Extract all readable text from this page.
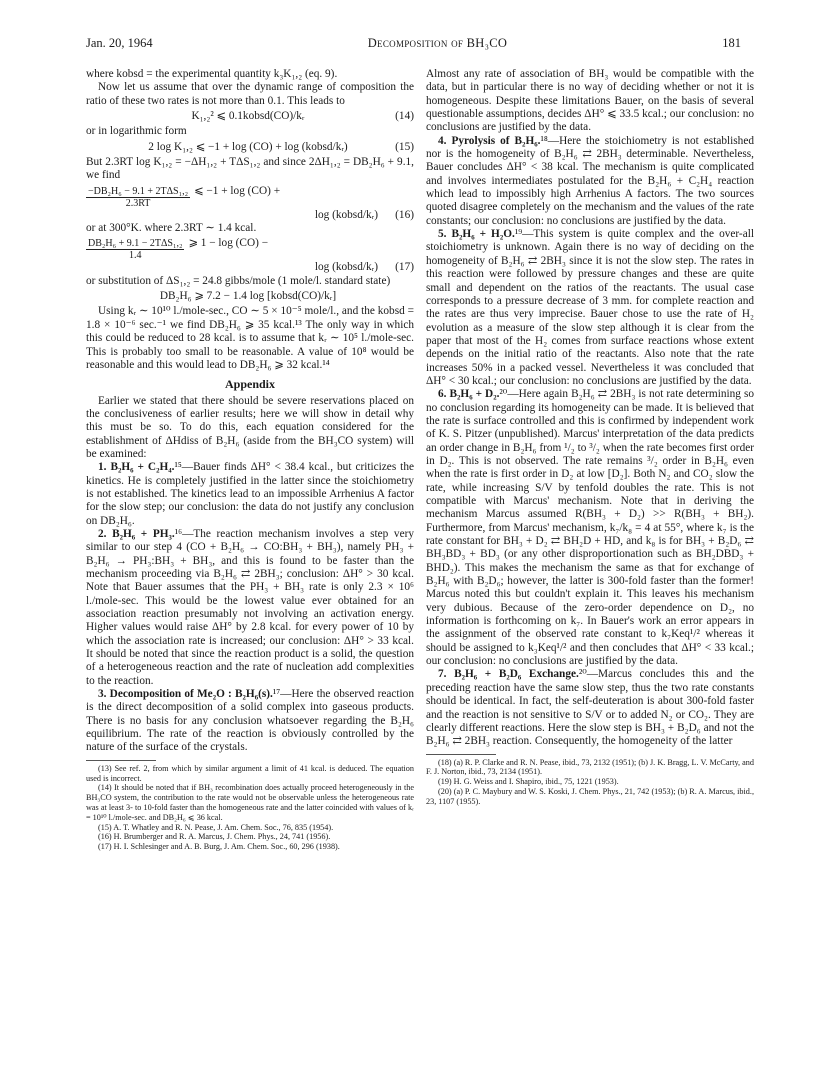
Jan. 20, 1964	Decomposition of BH₃CO	181

where kobsd = the experimental quantity k₃K₁,₂ (eq. 9).

Now let us assume that over the dynamic range of composition the ratio of these two rates is not more than 0.1. This leads to

K₁,₂² ⩽ 0.1kobsd(CO)/kᵣ	(14)

or in logarithmic form

2 log K₁,₂ ⩽ −1 + log (CO) + log (kobsd/kᵣ)	(15)

But 2.3RT log K₁,₂ = −ΔH₁,₂ + TΔS₁,₂ and since 2ΔH₁,₂ = DB₂H₆ + 9.1, we find

$\frac{\text{−DB₂H₆ − 9.1 + 2TΔS₁,₂}}{2.3RT}$ ⩽ −1 + log (CO) +
log (kobsd/kᵣ)	(16)

or at 300°K. where 2.3RT ∼ 1.4 kcal.

$\frac{\text{DB₂H₆ + 9.1 − 2TΔS₁,₂}}{1.4}$ ⩾ 1 − log (CO) −
log (kobsd/kᵣ)	(17)

or substitution of ΔS₁,₂ = 24.8 gibbs/mole (1 mole/l. standard state)

DB₂H₆ ⩾ 7.2 − 1.4 log [kobsd(CO)/kᵣ]

Using kᵣ ∼ 10¹⁰ l./mole-sec., CO ∼ 5 × 10⁻⁵ mole/l., and the kobsd = 1.8 × 10⁻⁶ sec.⁻¹ we find DB₂H₆ ⩾ 35 kcal.¹³ The only way in which this could be reduced to 28 kcal. is to assume that kᵣ ∼ 10⁵ l./mole-sec. This is probably too small to be reasonable. A value of 10⁸ would be reasonable and this would lead to DB₂H₆ ⩾ 32 kcal.¹⁴

Appendix

Earlier we stated that there should be severe reservations placed on the conclusiveness of earlier results; here we will show in detail why this must be so. To do this, each equation considered for the establishment of ΔHdiss of B₂H₆ (aside from the BH₃CO system) will be examined:

1. B₂H₆ + C₂H₄.¹⁵—Bauer finds ΔH° < 38.4 kcal., but criticizes the kinetics. He is completely justified in the latter since the stoichiometry is not established. The kinetics lead to an impossible Arrhenius A factor for the slow step; our conclusion: the data do not justify any conclusion on DB₂H₆.

2. B₂H₆ + PH₃.¹⁶—The reaction mechanism involves a step very similar to our step 4 (CO + B₂H₆ → CO:BH₃ + BH₃), namely PH₃ + B₂H₆ → PH₃:BH₃ + BH₃, and this is found to be faster than the mechanism proceeding via B₂H₆ ⇄ 2BH₃; conclusion: ΔH° > 30 kcal. Note that Bauer assumes that the PH₃ + BH₃ rate is only 2.3 × 10⁶ l./mole-sec. This would be the lowest value ever obtained for an association reaction presumably not involving an activation energy. Higher values would raise ΔH° by 2.8 kcal. for every power of 10 by which the association rate is increased; our conclusion: ΔH° > 33 kcal. It should be noted that since the reaction product is a solid, the question of a heterogeneous reaction and the rate of nucleation add complexities to the reaction.

3. Decomposition of Me₂O : B₂H₆(s).¹⁷—Here the observed reaction is the direct decomposition of a solid complex into gaseous products. There is no basis for any conclusion whatsoever regarding the B₂H₆ equilibrium. The rate of the reaction is obviously controlled by the nature of the surface of the crystals.

(13) See ref. 2, from which by similar argument a limit of 41 kcal. is deduced. The equation used is incorrect.

(14) It should be noted that if BH₃ recombination does actually proceed heterogeneously in the BH₃CO system, the contribution to the rate would not be observable unless the heterogeneous rate was at least 3- to 10-fold faster than the homogeneous rate and the latter coincided with values of kᵣ = 10¹⁰ l./mole-sec. and DB₂H₆ ⩽ 36 kcal.

(15) A. T. Whatley and R. N. Pease, J. Am. Chem. Soc., 76, 835 (1954).

(16) H. Brumberger and R. A. Marcus, J. Chem. Phys., 24, 741 (1956).

(17) H. I. Schlesinger and A. B. Burg, J. Am. Chem. Soc., 60, 296 (1938).

Almost any rate of association of BH₃ would be compatible with the data, but in particular there is no way of deciding whether or not it is homogeneous. Despite these limitations Bauer, on the basis of several questionable assumptions, decides ΔH° ⩽ 33.5 kcal.; our conclusion: no conclusions are justified by the data.

4. Pyrolysis of B₂H₆.¹⁸—Here the stoichiometry is not established nor is the homogeneity of B₂H₆ ⇄ 2BH₃ determinable. Nevertheless, Bauer concludes ΔH° < 38 kcal. The mechanism is quite complicated and involves intermediates postulated for the B₂H₆ + C₂H₄ reaction which lead to impossibly high Arrhenius A factors. The two sources quoted disagree completely on the mechanism and the values of the rate constants; our conclusion: no conclusions are justified by the data.

5. B₂H₆ + H₂O.¹⁹—This system is quite complex and the over-all stoichiometry is unknown. Again there is no way of deciding on the homogeneity of B₂H₆ ⇄ 2BH₃ since it is not the slow step. The rates in this reaction were followed by pressure changes and these are quite small and dependent on the ratios of the reactants. The usual case corresponds to a pressure decrease of 3 mm. for complete reaction and the rates are thus very imprecise. Bauer chose to use the rate of H₂ evolution as a measure of the slow step although it is clear from the paper that most of the H₂ comes from surface reactions whose extent depends on the initial ratio of the reactants. Also note that the rate increases 50% in a packed vessel. Nevertheless it was concluded that ΔH° < 30 kcal.; our conclusion: no conclusions are justified by the data.

6. B₂H₆ + D₂.²⁰—Here again B₂H₆ ⇄ 2BH₃ is not rate determining so no conclusion regarding its homogeneity can be made. It is believed that the rate is surface controlled and this is confirmed by independent work of K. S. Pitzer (unpublished). Marcus' interpretation of the data predicts an order change in B₂H₆ from ¹/₂ to ³/₂ when the rate becomes first order in D₂. This is not observed. The rate remains ³/₂ order in B₂H₆ even when the rate is first order in D₂ at low [D₂]. Both N₂ and CO₂ slow the rate, while increasing S/V by tenfold doubles the rate. This is not compatible with Marcus' mechanism. Note that in deriving the mechanism Marcus assumed R(BH₃ + D₂) >> R(BH₃ + BH₂). Furthermore, from Marcus' mechanism, k₇/k₈ = 4 at 55°, where k₇ is the rate constant for BH₃ + D₂ ⇄ BH₂D + HD, and k₈ is for BH₃ + B₂D₆ ⇄ BH₃BD₃ + BD₃ (or any other disproportionation such as BH₂DBD₃ + BHD₂). This makes the mechanism the same as that for exchange of B₂H₆ with B₂D₆; however, the latter is 300-fold faster than the former! Marcus noted this but couldn't explain it. This leaves his mechanism very dubious. Because of the zero-order dependence on D₂, no information is forthcoming on k₇. In Bauer's work an error appears in the assignment of the observed rate constant to k₇Keq¹/² whereas it should be assigned to k₃Keq¹/² and then concludes that ΔH° < 33 kcal.; our conclusion: no conclusions are justified by the data.

7. B₂H₆ + B₂D₆ Exchange.²⁰—Marcus concludes this and the preceding reaction have the same slow step, thus the two rate constants should be identical. In fact, the self-deuteration is about 300-fold faster and the reaction is not sensitive to S/V or to added N₂ or CO₂. They are clearly different reactions. Here the slow step is BH₃ + B₂D₆ and not the B₂H₆ ⇄ 2BH₃ reaction. Consequently, the homogeneity of the latter

(18) (a) R. P. Clarke and R. N. Pease, ibid., 73, 2132 (1951); (b) J. K. Bragg, L. V. McCarty, and F. J. Norton, ibid., 73, 2134 (1951).

(19) H. G. Weiss and I. Shapiro, ibid., 75, 1221 (1953).

(20) (a) P. C. Maybury and W. S. Koski, J. Chem. Phys., 21, 742 (1953); (b) R. A. Marcus, ibid., 23, 1107 (1955).
